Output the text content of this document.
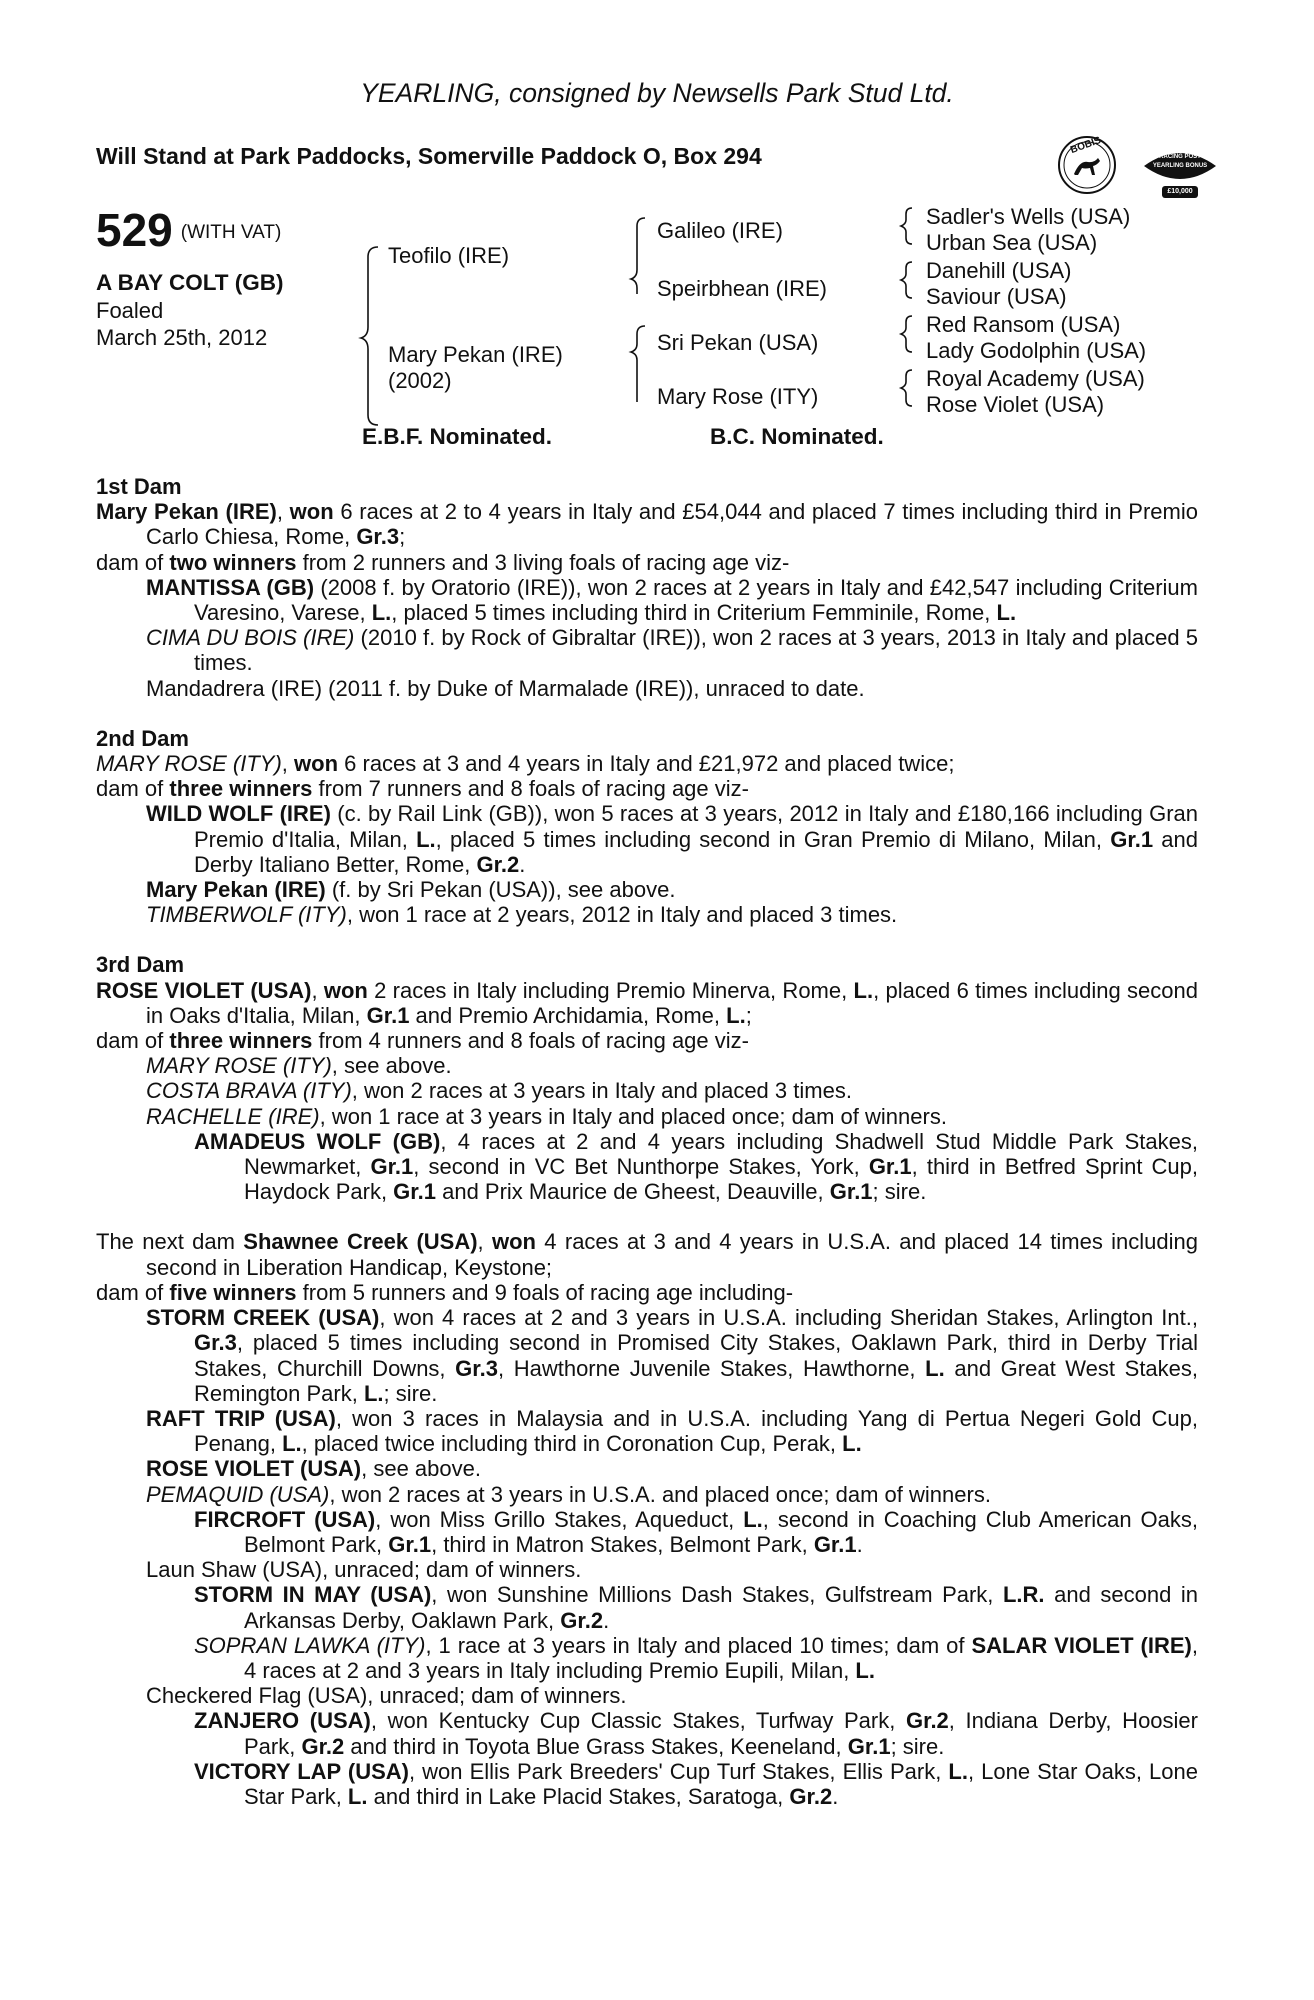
YEARLING, consigned by Newsells Park Stud Ltd.
Will Stand at Park Paddocks, Somerville Paddock O, Box 294	BOBIS
RACING POST
YEARLING BONUS
£10,000
529 (WITH VAT)
A BAY COLT (GB)
Foaled
March 25th, 2012
Teofilo (IRE)
Mary Pekan (IRE)
(2002)
Galileo (IRE)
Speirbhean (IRE)
Sri Pekan (USA)
Mary Rose (ITY)
Sadler's Wells (USA)
Urban Sea (USA)
Danehill (USA)
Saviour (USA)
Red Ransom (USA)
Lady Godolphin (USA)
Royal Academy (USA)
Rose Violet (USA)
E.B.F. Nominated.	B.C. Nominated.

1st Dam

Mary Pekan (IRE), won 6 races at 2 to 4 years in Italy and £54,044 and placed 7 times including third in Premio Carlo Chiesa, Rome, Gr.3;

dam of two winners from 2 runners and 3 living foals of racing age viz-

MANTISSA (GB) (2008 f. by Oratorio (IRE)), won 2 races at 2 years in Italy and £42,547 including Criterium Varesino, Varese, L., placed 5 times including third in Criterium Femminile, Rome, L.

CIMA DU BOIS (IRE) (2010 f. by Rock of Gibraltar (IRE)), won 2 races at 3 years, 2013 in Italy and placed 5 times.

Mandadrera (IRE) (2011 f. by Duke of Marmalade (IRE)), unraced to date.

2nd Dam

MARY ROSE (ITY), won 6 races at 3 and 4 years in Italy and £21,972 and placed twice;

dam of three winners from 7 runners and 8 foals of racing age viz-

WILD WOLF (IRE) (c. by Rail Link (GB)), won 5 races at 3 years, 2012 in Italy and £180,166 including Gran Premio d'Italia, Milan, L., placed 5 times including second in Gran Premio di Milano, Milan, Gr.1 and Derby Italiano Better, Rome, Gr.2.

Mary Pekan (IRE) (f. by Sri Pekan (USA)), see above.

TIMBERWOLF (ITY), won 1 race at 2 years, 2012 in Italy and placed 3 times.

3rd Dam

ROSE VIOLET (USA), won 2 races in Italy including Premio Minerva, Rome, L., placed 6 times including second in Oaks d'Italia, Milan, Gr.1 and Premio Archidamia, Rome, L.;

dam of three winners from 4 runners and 8 foals of racing age viz-

MARY ROSE (ITY), see above.

COSTA BRAVA (ITY), won 2 races at 3 years in Italy and placed 3 times.

RACHELLE (IRE), won 1 race at 3 years in Italy and placed once; dam of winners.

AMADEUS WOLF (GB), 4 races at 2 and 4 years including Shadwell Stud Middle Park Stakes, Newmarket, Gr.1, second in VC Bet Nunthorpe Stakes, York, Gr.1, third in Betfred Sprint Cup, Haydock Park, Gr.1 and Prix Maurice de Gheest, Deauville, Gr.1; sire.

The next dam Shawnee Creek (USA), won 4 races at 3 and 4 years in U.S.A. and placed 14 times including second in Liberation Handicap, Keystone;

dam of five winners from 5 runners and 9 foals of racing age including-

STORM CREEK (USA), won 4 races at 2 and 3 years in U.S.A. including Sheridan Stakes, Arlington Int., Gr.3, placed 5 times including second in Promised City Stakes, Oaklawn Park, third in Derby Trial Stakes, Churchill Downs, Gr.3, Hawthorne Juvenile Stakes, Hawthorne, L. and Great West Stakes, Remington Park, L.; sire.

RAFT TRIP (USA), won 3 races in Malaysia and in U.S.A. including Yang di Pertua Negeri Gold Cup, Penang, L., placed twice including third in Coronation Cup, Perak, L.

ROSE VIOLET (USA), see above.

PEMAQUID (USA), won 2 races at 3 years in U.S.A. and placed once; dam of winners.

FIRCROFT (USA), won Miss Grillo Stakes, Aqueduct, L., second in Coaching Club American Oaks, Belmont Park, Gr.1, third in Matron Stakes, Belmont Park, Gr.1.

Laun Shaw (USA), unraced; dam of winners.

STORM IN MAY (USA), won Sunshine Millions Dash Stakes, Gulfstream Park, L.R. and second in Arkansas Derby, Oaklawn Park, Gr.2.

SOPRAN LAWKA (ITY), 1 race at 3 years in Italy and placed 10 times; dam of SALAR VIOLET (IRE), 4 races at 2 and 3 years in Italy including Premio Eupili, Milan, L.

Checkered Flag (USA), unraced; dam of winners.

ZANJERO (USA), won Kentucky Cup Classic Stakes, Turfway Park, Gr.2, Indiana Derby, Hoosier Park, Gr.2 and third in Toyota Blue Grass Stakes, Keeneland, Gr.1; sire.

VICTORY LAP (USA), won Ellis Park Breeders' Cup Turf Stakes, Ellis Park, L., Lone Star Oaks, Lone Star Park, L. and third in Lake Placid Stakes, Saratoga, Gr.2.
